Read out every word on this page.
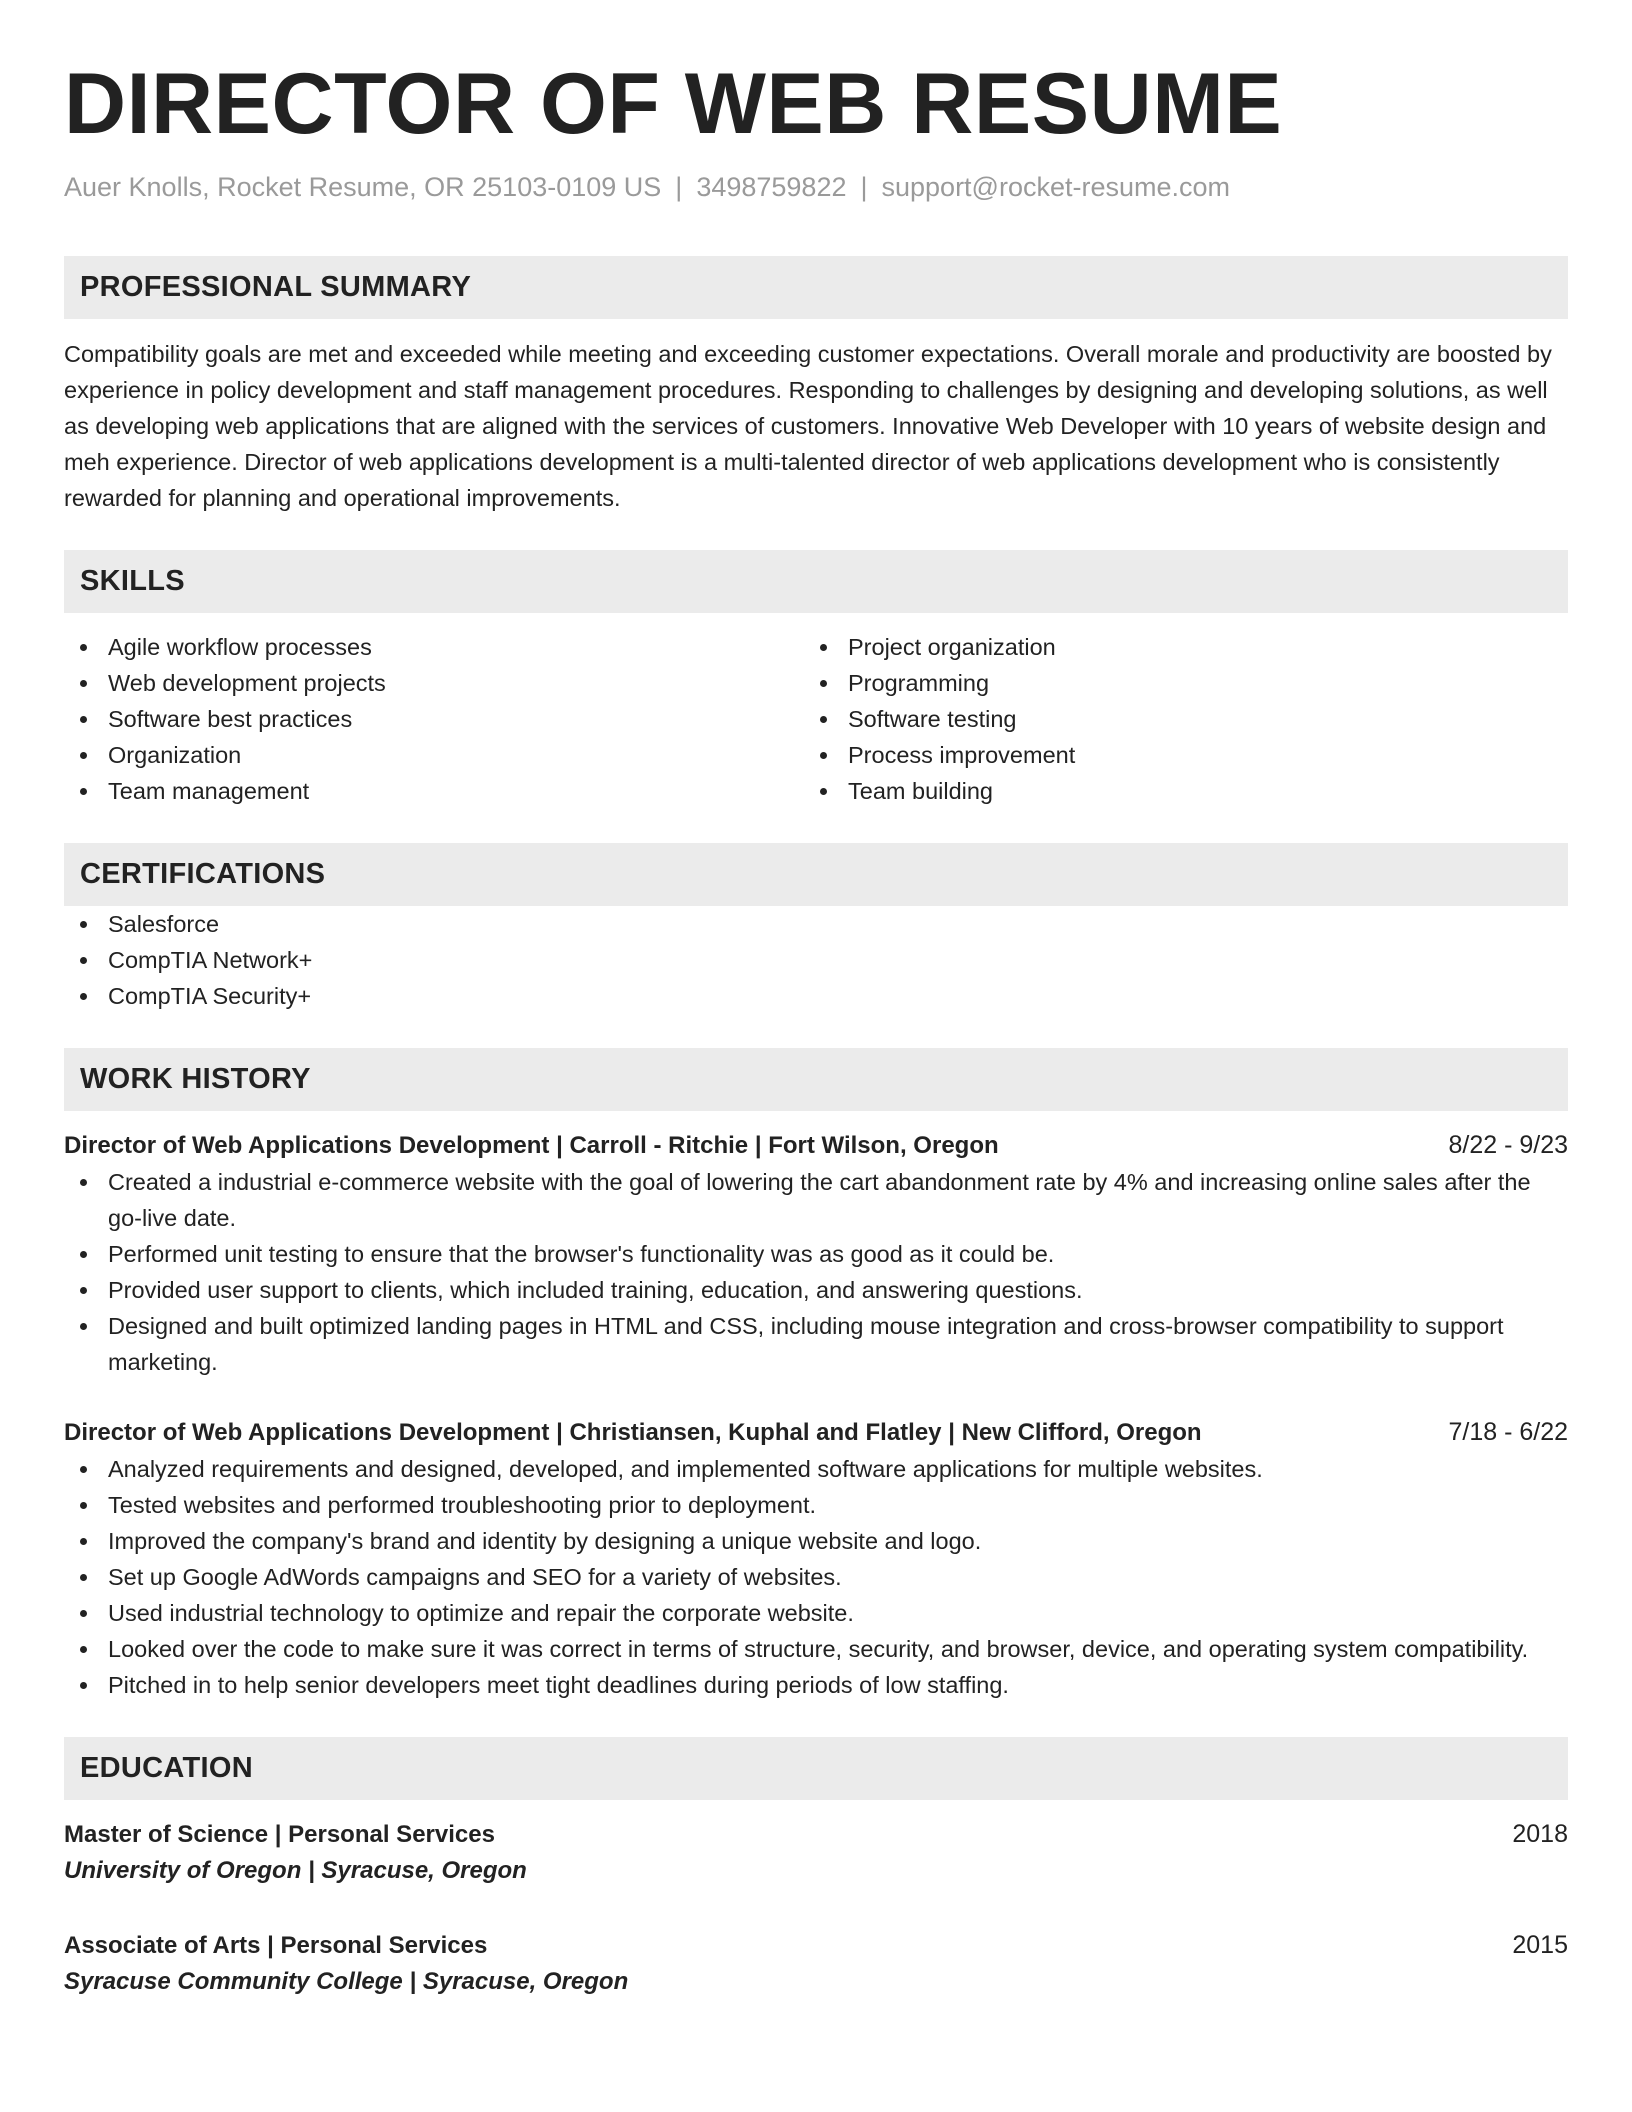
DIRECTOR OF WEB RESUME
Auer Knolls, Rocket Resume, OR 25103-0109 US | 3498759822 | support@rocket-resume.com
PROFESSIONAL SUMMARY

Compatibility goals are met and exceeded while meeting and exceeding customer expectations. Overall morale and productivity are boosted by experience in policy development and staff management procedures. Responding to challenges by designing and developing solutions, as well as developing web applications that are aligned with the services of customers. Innovative Web Developer with 10 years of website design and meh experience. Director of web applications development is a multi-talented director of web applications development who is consistently rewarded for planning and operational improvements.

SKILLS
Agile workflow processes
Web development projects
Software best practices
Organization
Team management
Project organization
Programming
Software testing
Process improvement
Team building
CERTIFICATIONS
Salesforce
CompTIA Network+
CompTIA Security+
WORK HISTORY
Director of Web Applications Development | Carroll - Ritchie | Fort Wilson, Oregon	8/22 - 9/23
Created a industrial e-commerce website with the goal of lowering the cart abandonment rate by 4% and increasing online sales after the go-live date.
Performed unit testing to ensure that the browser's functionality was as good as it could be.
Provided user support to clients, which included training, education, and answering questions.
Designed and built optimized landing pages in HTML and CSS, including mouse integration and cross-browser compatibility to support marketing.
Director of Web Applications Development | Christiansen, Kuphal and Flatley | New Clifford, Oregon	7/18 - 6/22
Analyzed requirements and designed, developed, and implemented software applications for multiple websites.
Tested websites and performed troubleshooting prior to deployment.
Improved the company's brand and identity by designing a unique website and logo.
Set up Google AdWords campaigns and SEO for a variety of websites.
Used industrial technology to optimize and repair the corporate website.
Looked over the code to make sure it was correct in terms of structure, security, and browser, device, and operating system compatibility.
Pitched in to help senior developers meet tight deadlines during periods of low staffing.
EDUCATION
Master of Science | Personal Services	2018
University of Oregon | Syracuse, Oregon
Associate of Arts | Personal Services	2015
Syracuse Community College | Syracuse, Oregon
